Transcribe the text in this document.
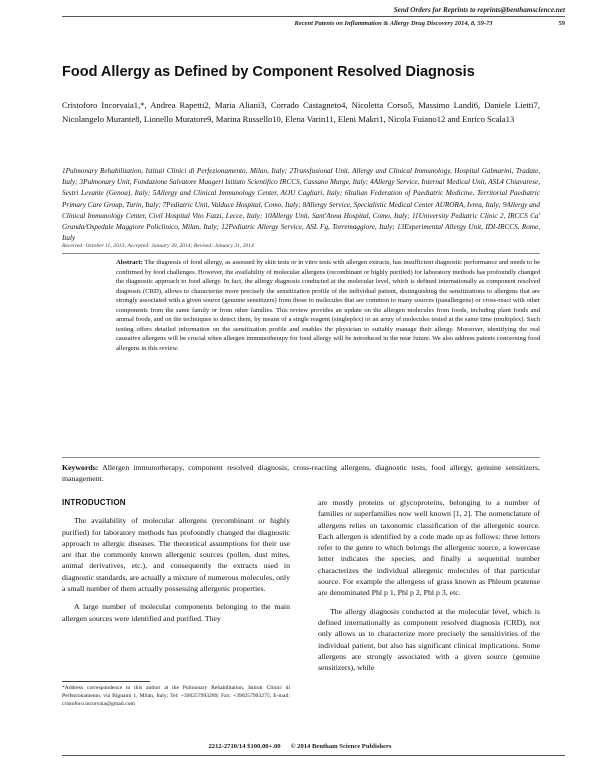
Send Orders for Reprints to reprints@benthamscience.net
Recent Patents on Inflammation & Allergy Drug Discovery 2014, 8, 59-73	59
Food Allergy as Defined by Component Resolved Diagnosis
Cristoforo Incorvaia1,*, Andrea Rapetti2, Maria Aliani3, Corrado Castagneto4, Nicoletta Corso5, Massimo Landi6, Daniele Lietti7, Nicolangelo Murante8, Lionello Muratore9, Marina Russello10, Elena Varin11, Eleni Makri1, Nicola Fuiano12 and Enrico Scala13
1Pulmonary Rehabilitation, Istituti Clinici di Perfezionamento, Milan, Italy; 2Transfusional Unit, Allergy and Clinical Immunology, Hospital Galmarini, Tradate, Italy; 3Pulmonary Unit, Fondazione Salvatore Maugeri Istituto Scientifico IRCCS, Cassano Murge, Italy; 4Allergy Service, Internal Medical Unit, ASL4 Chiavarese, Sestri Levante (Genoa), Italy; 5Allergy and Clinical Immunology Center, AOU Cagliari, Italy; 6Italian Federation of Paediatric Medicine, Territorial Paediatric Primary Care Group, Turin, Italy; 7Pediatric Unit, Valduce Hospital, Como, Italy; 8Allergy Service, Specialistic Medical Center AURORA, Ivrea, Italy; 9Allergy and Clinical Immunology Center, Civil Hospital Vito Fazzi, Lecce, Italy; 10Allergy Unit, Sant'Anna Hospital, Como, Italy; 11University Pediatric Clinic 2, IRCCS Ca' Granda/Ospedale Maggiore Policlinico, Milan, Italy; 12Pediatric Allergy Service, ASL Fg, Torremaggiore, Italy; 13Experimental Allergy Unit, IDI-IRCCS, Rome, Italy
Received: October 11, 2013; Accepted: January 30, 2014; Revised: January 31, 2014
Abstract: The diagnosis of food allergy, as assessed by skin tests or in vitro tests with allergen extracts, has insufficient diagnostic performance and needs to be confirmed by food challenges. However, the availability of molecular allergens (recombinant or highly purified) for laboratory methods has profoundly changed the diagnostic approach to food allergy. In fact, the allergy diagnosis conducted at the molecular level, which is defined internationally as component resolved diagnosis (CRD), allows to characterize more precisely the sensitization profile of the individual patient, distinguishing the sensitizations to allergens that are strongly associated with a given source (genuine sensitizers) from those to molecules that are common to many sources (panallergens) or cross-react with other components from the same family or from other families. This review provides an update on the allergen molecules from foods, including plant foods and animal foods, and on the techniques to detect them, by means of a single reagent (singleplex) or an array of molecules tested at the same time (multiplex). Such testing offers detailed information on the sensitization profile and enables the physician to suitably manage their allergy. Moreover, identifying the real causative allergens will be crucial when allergen immunotherapy for food allergy will be introduced in the near future. We also address patents concerning food allergens in this review.
Keywords: Allergen immunotherapy, component resolved diagnosis, cross-reacting allergens, diagnostic tests, food allergy, genuine sensitizers, management.
INTRODUCTION

The availability of molecular allergens (recombinant or highly purified) for laboratory methods has profoundly changed the diagnostic approach to allergic diseases. The theoretical assumptions for their use are that the commonly known allergenic sources (pollen, dust mites, animal derivatives, etc.), and consequently the extracts used in diagnostic standards, are actually a mixture of numerous molecules, only a small number of them actually possessing allergenic properties.

A large number of molecular components belonging to the main allergen sources were identified and purified. They

are mostly proteins or glycoproteins, belonging to a number of families or superfamilies now well known [1, 2]. The nomenclature of allergens relies on taxonomic classification of the allergenic source. Each allergen is identified by a code made up as follows: three letters refer to the genre to which belongs the allergenic source, a lowercase letter indicates the species, and finally a sequential number characterizes the individual allergenic molecules of that particular source. For example the allergens of grass known as Phleum pratense are denominated Phl p 1, Phl p 2, Phl p 3, etc.

The allergy diagnosis conducted at the molecular level, which is defined internationally as component resolved diagnosis (CRD), not only allows us to characterize more precisely the sensitivities of the individual patient, but also has significant clinical implications. Some allergens are strongly associated with a given source (genuine sensitizers), while

*Address correspondence to this author at the Pulmonary Rehabilitation, Istituti Clinici di Perfezionamento, via Bignami 1, Milan, Italy; Tel: +390257993289; Fax: +390257993275; E-mail: cristoforo.incorvaia@gmail.com
2212-2710/14 $100.00+.00 © 2014 Bentham Science Publishers
